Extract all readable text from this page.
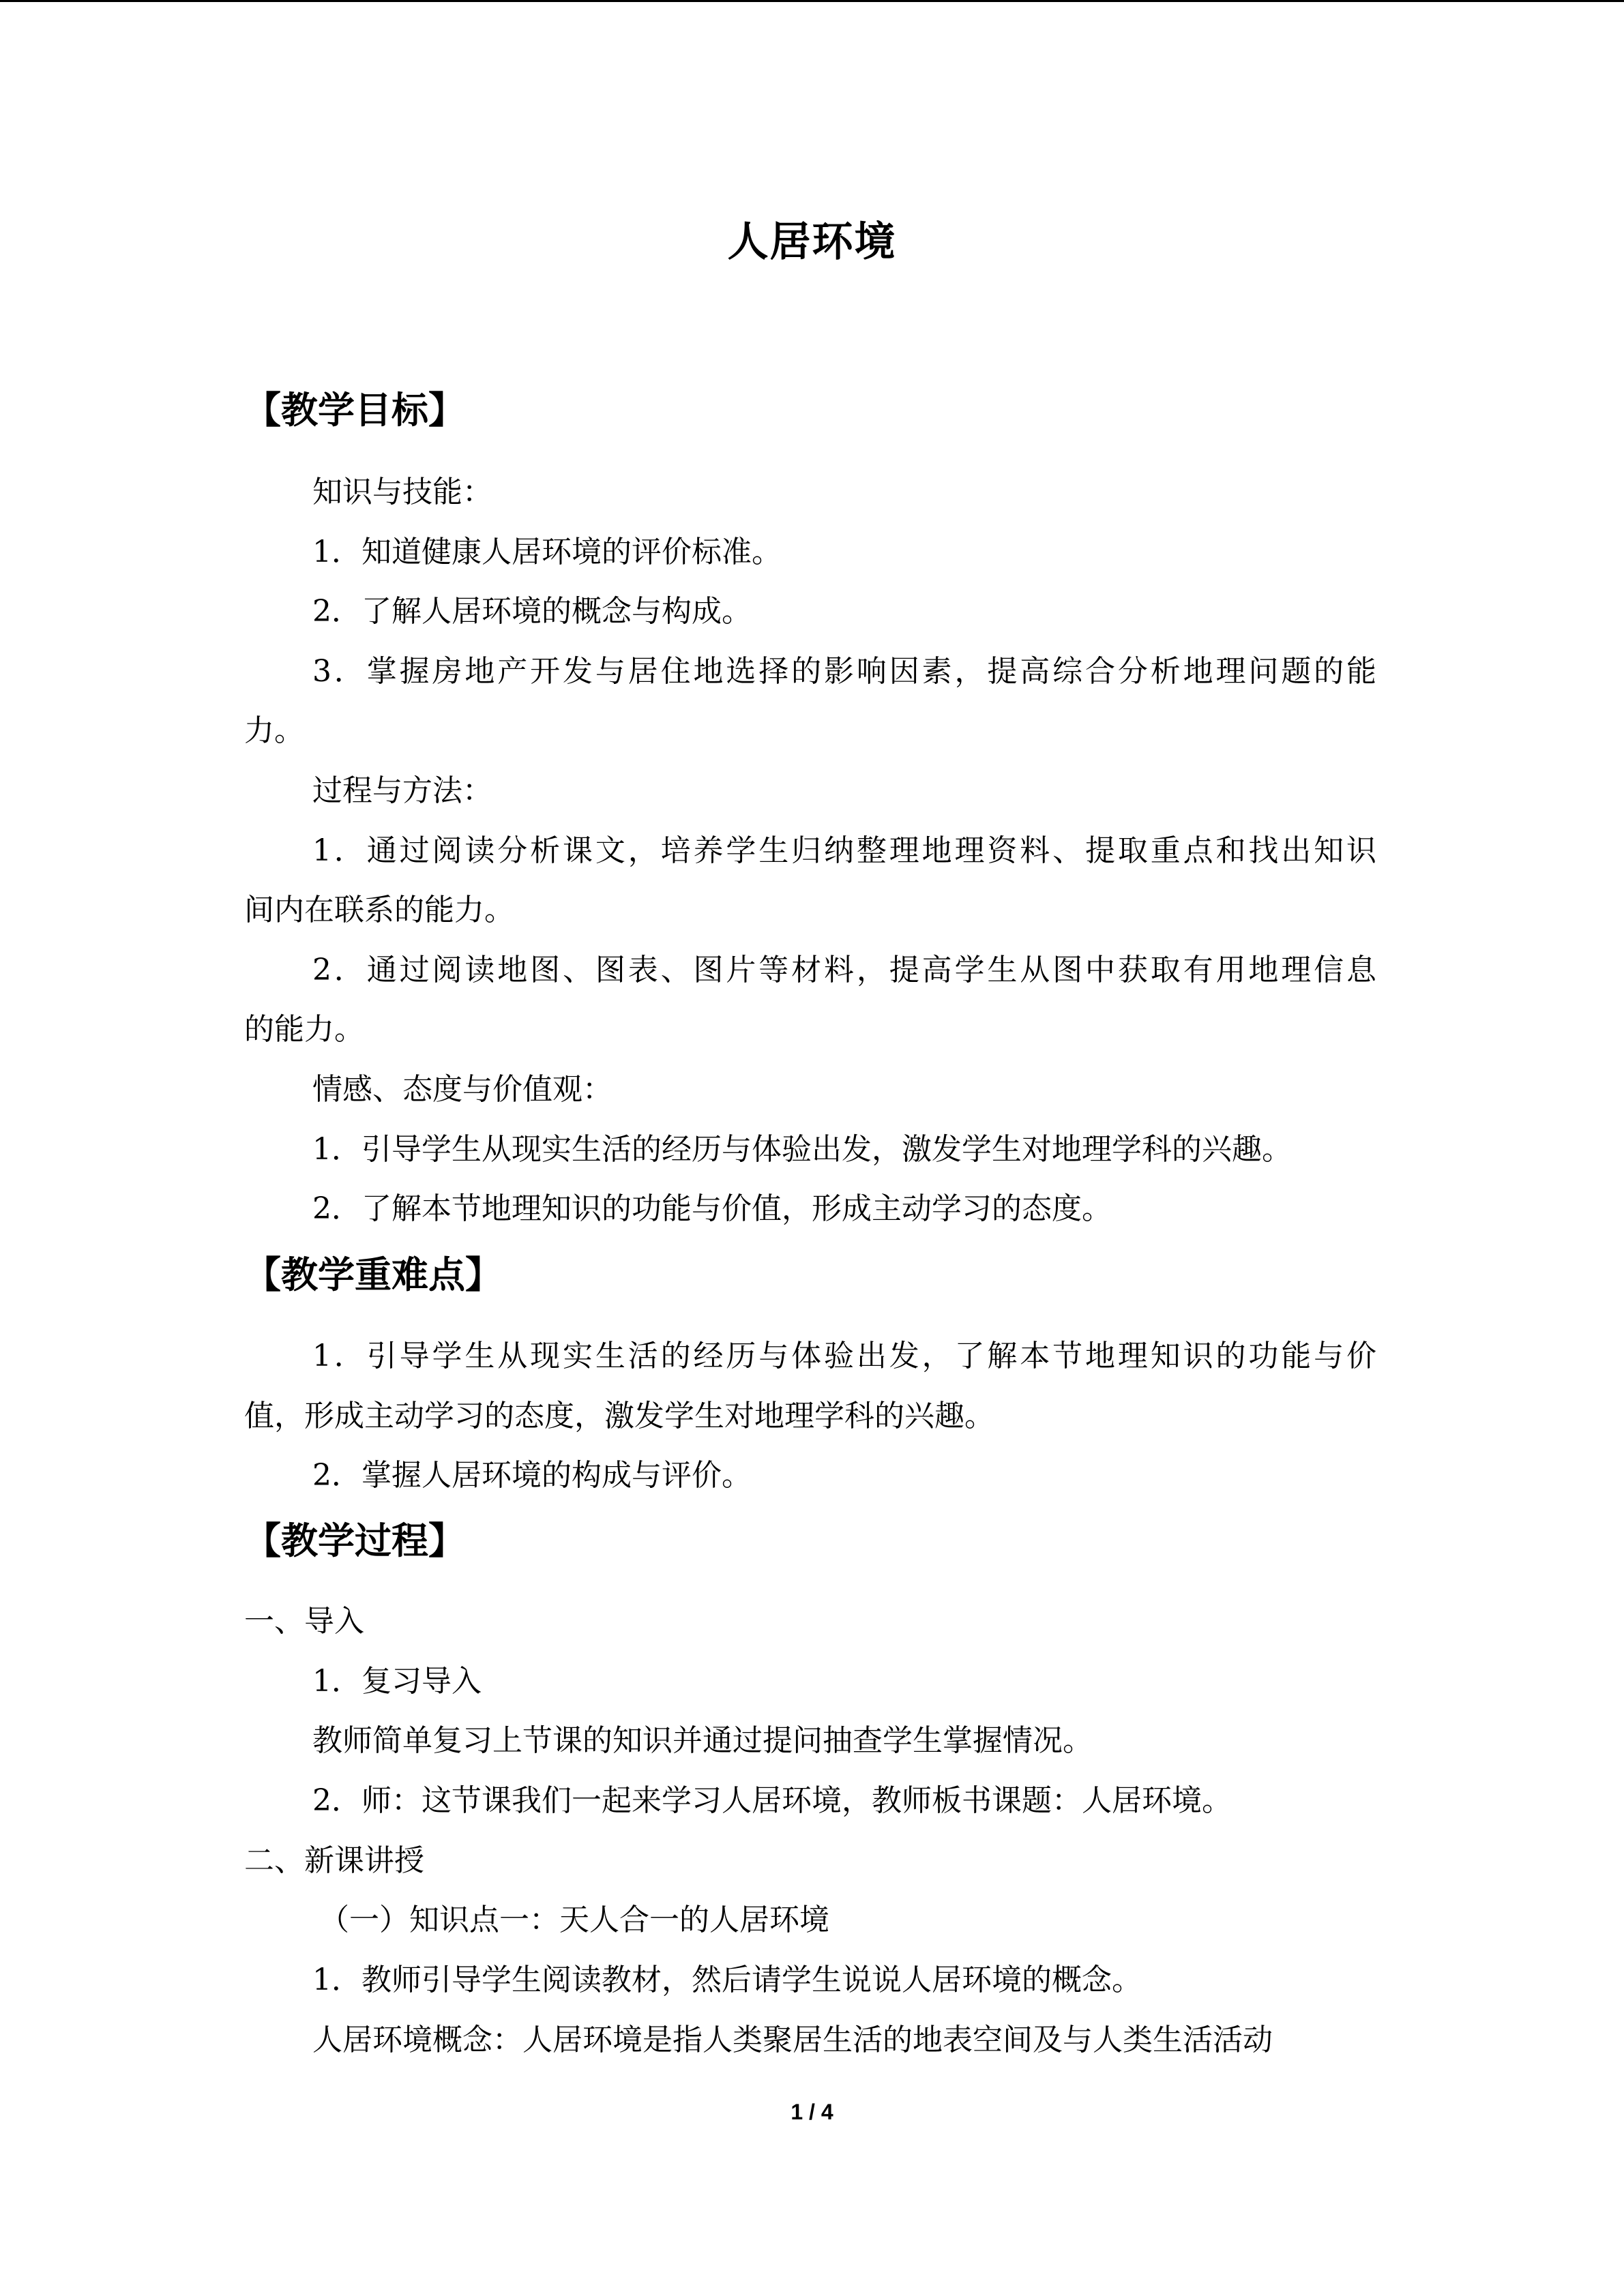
人居环境
【教学目标】
知识与技能：
1．知道健康人居环境的评价标准。
2．了解人居环境的概念与构成。
3．掌握房地产开发与居住地选择的影响因素，提高综合分析地理问题的能
力。
过程与方法：
1．通过阅读分析课文，培养学生归纳整理地理资料、提取重点和找出知识
间内在联系的能力。
2．通过阅读地图、图表、图片等材料，提高学生从图中获取有用地理信息
的能力。
情感、态度与价值观：
1．引导学生从现实生活的经历与体验出发，激发学生对地理学科的兴趣。
2．了解本节地理知识的功能与价值，形成主动学习的态度。
【教学重难点】
1．引导学生从现实生活的经历与体验出发，了解本节地理知识的功能与价
值，形成主动学习的态度，激发学生对地理学科的兴趣。
2．掌握人居环境的构成与评价。
【教学过程】
一、导入
1．复习导入
教师简单复习上节课的知识并通过提问抽查学生掌握情况。
2．师：这节课我们一起来学习人居环境，教师板书课题：人居环境。
二、新课讲授
（一）知识点一：天人合一的人居环境
1．教师引导学生阅读教材，然后请学生说说人居环境的概念。
人居环境概念：人居环境是指人类聚居生活的地表空间及与人类生活活动
1 / 4
